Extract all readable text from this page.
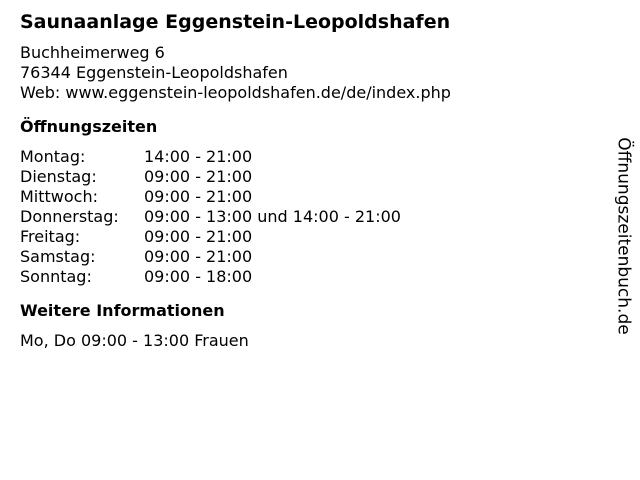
Saunaanlage Eggenstein-Leopoldshafen
Buchheimerweg 6
76344 Eggenstein-Leopoldshafen
Web: www.eggenstein-leopoldshafen.de/de/index.php
Öffnungszeiten
Montag:	14:00 - 21:00
Dienstag:	09:00 - 21:00
Mittwoch:	09:00 - 21:00
Donnerstag:	09:00 - 13:00 und 14:00 - 21:00
Freitag:	09:00 - 21:00
Samstag:	09:00 - 21:00
Sonntag:	09:00 - 18:00
Weitere Informationen
Mo, Do 09:00 - 13:00 Frauen
Öffnungszeitenbuch.de
